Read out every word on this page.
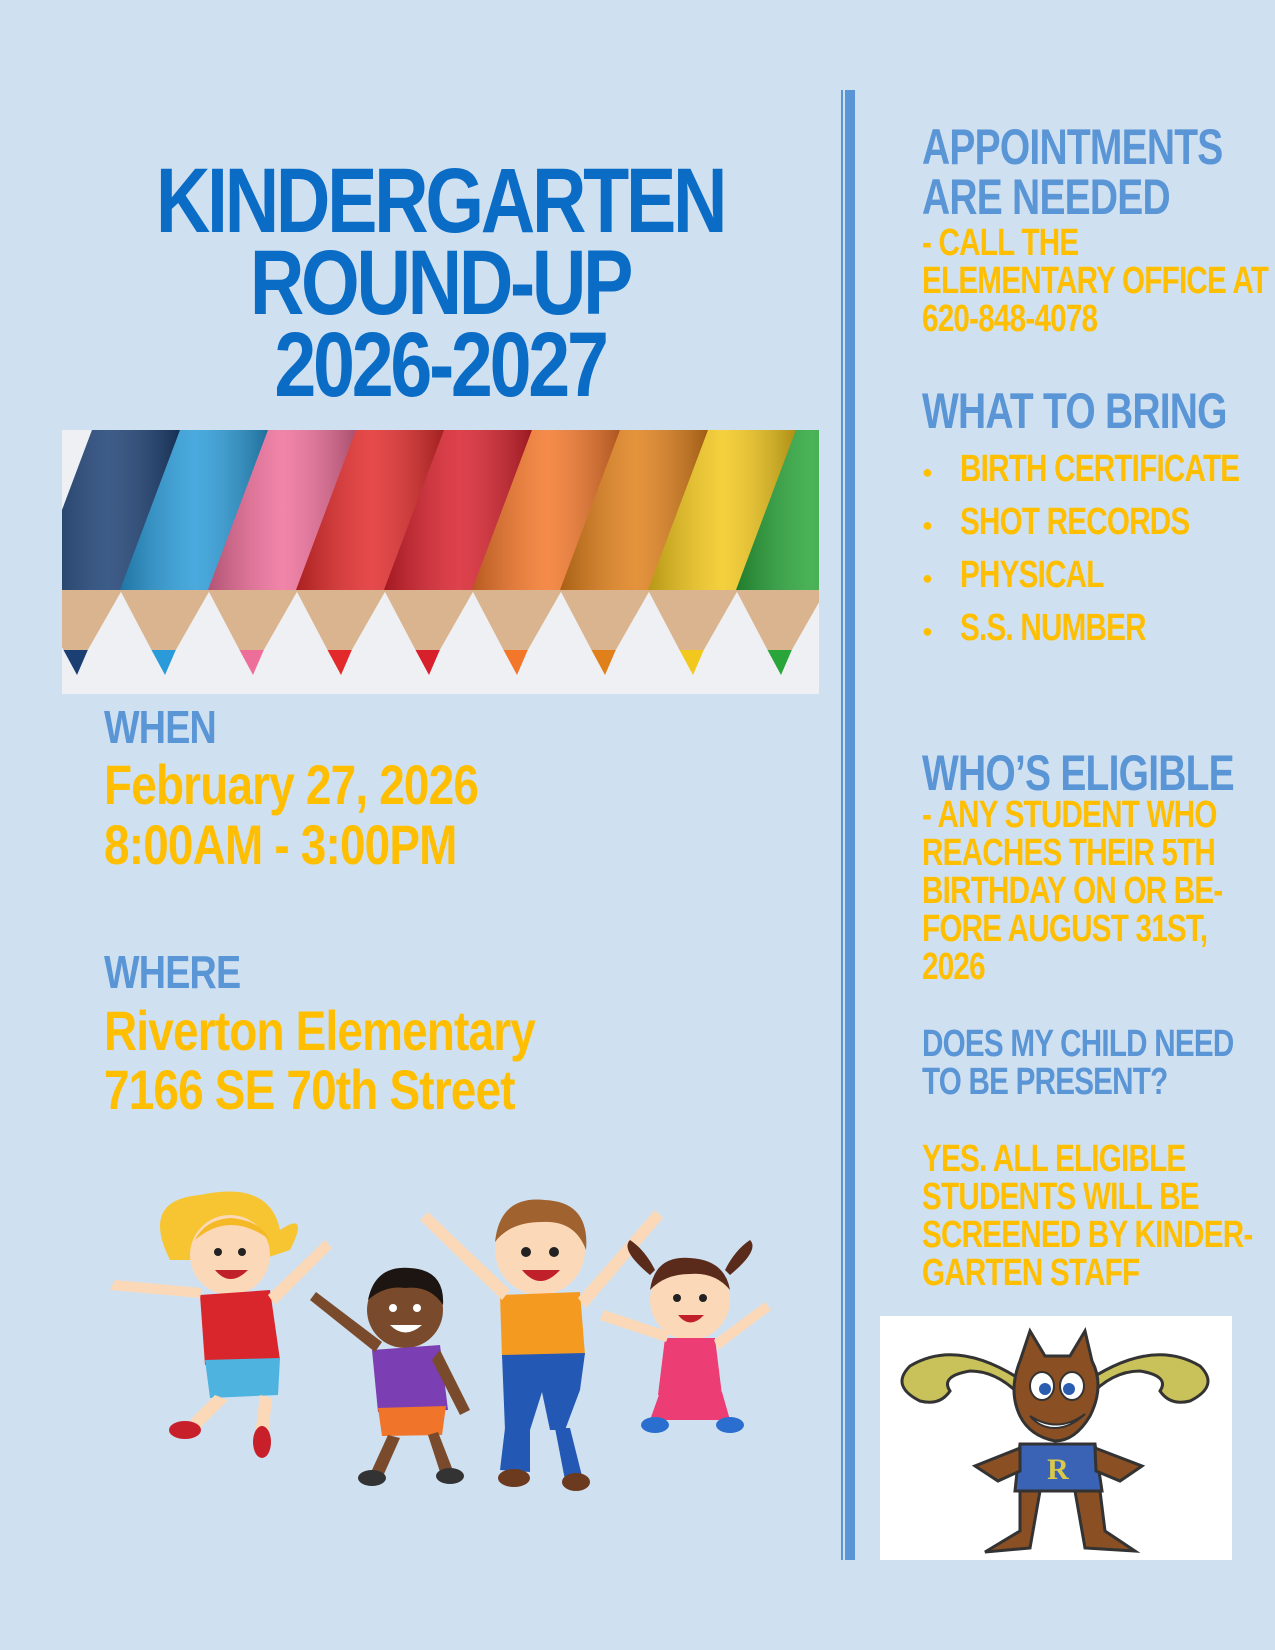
KINDERGARTEN
ROUND-UP
2026-2027
WHEN
February 27, 2026
8:00AM - 3:00PM
WHERE
Riverton Elementary
7166 SE 70th Street
APPOINTMENTS
ARE NEEDED
- CALL THE
ELEMENTARY OFFICE AT
620-848-4078
WHAT TO BRING
● BIRTH CERTIFICATE
● SHOT RECORDS
● PHYSICAL
● S.S. NUMBER
WHO’S ELIGIBLE
- ANY STUDENT WHO
REACHES THEIR 5TH
BIRTHDAY ON OR BE-
FORE AUGUST 31ST,
2026
DOES MY CHILD NEED
TO BE PRESENT?
YES. ALL ELIGIBLE
STUDENTS WILL BE
SCREENED BY KINDER-
GARTEN STAFF
R
